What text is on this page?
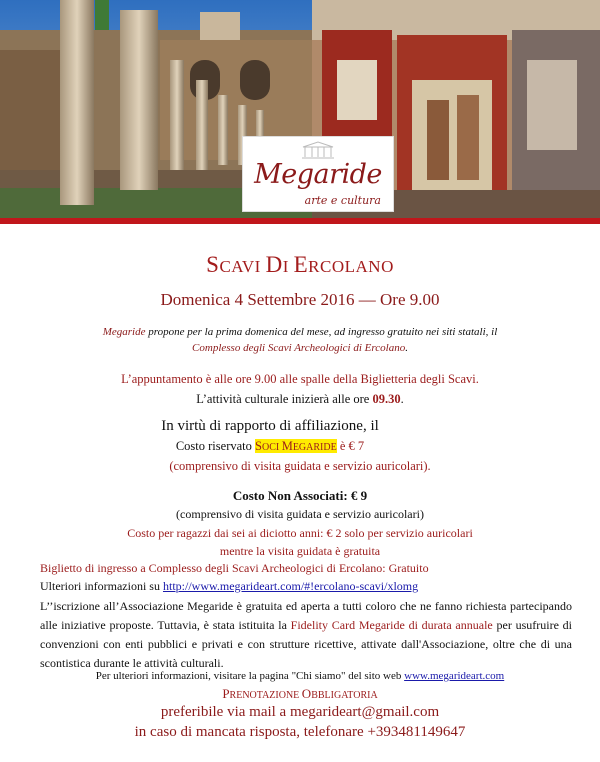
Megaride
arte e cultura
SCAVI DI ERCOLANO
Domenica 4 Settembre 2016 — Ore 9.00
Megaride propone per la prima domenica del mese, ad ingresso gratuito nei siti statali, il
Complesso degli Scavi Archeologici di Ercolano.
L’appuntamento è alle ore 9.00 alle spalle della Biglietteria degli Scavi.
L’attività culturale inizierà alle ore 09.30.
In virtù di rapporto di affiliazione, il
Costo riservato SOCI MEGARIDE è € 7
(comprensivo di visita guidata e servizio auricolari).
Costo Non Associati: € 9
(comprensivo di visita guidata e servizio auricolari)
Costo per ragazzi dai sei ai diciotto anni: € 2 solo per servizio auricolari
mentre la visita guidata è gratuita
Biglietto di ingresso a Complesso degli Scavi Archeologici di Ercolano: Gratuito
Ulteriori informazioni su http://www.megarideart.com/#!ercolano-scavi/xlomg
L’’iscrizione all’Associazione Megaride è gratuita ed aperta a tutti coloro che ne fanno richiesta partecipando alle iniziative proposte. Tuttavia, è stata istituita la Fidelity Card Megaride di durata annuale per usufruire di convenzioni con enti pubblici e privati e con strutture ricettive, attivate dall'Associazione, oltre che di una scontistica durante le attività culturali.
Per ulteriori informazioni, visitare la pagina "Chi siamo" del sito web www.megarideart.com
PRENOTAZIONE OBBLIGATORIA
preferibile via mail a megarideart@gmail.com
in caso di mancata risposta, telefonare +393481149647
